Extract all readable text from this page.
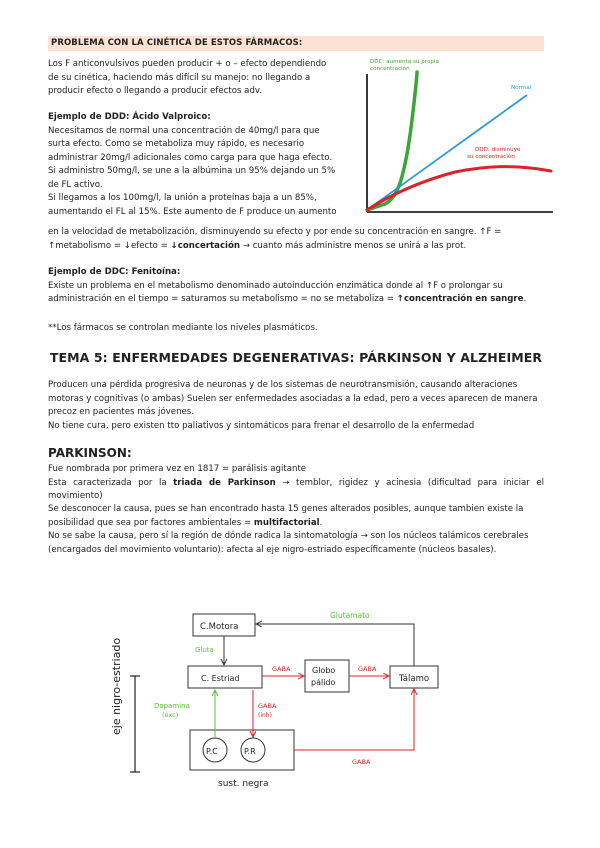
PROBLEMA CON LA CINÉTICA DE ESTOS FÁRMACOS:

Los F anticonvulsivos pueden producir + o – efecto dependiendo

de su cinética, haciendo más difícil su manejo: no llegando a

producir efecto o llegando a producir efectos adv.

Ejemplo de DDD: Ácido Valproico:

Necesitamos de normal una concentración de 40mg/l para que

surta efecto. Como se metaboliza muy rápido, es necesario

administrar 20mg/l adicionales como carga para que haga efecto.

Si administro 50mg/l, se une a la albúmina un 95% dejando un 5%

de FL activo.

Si llegamos a los 100mg/l, la unión a proteínas baja a un 85%,

aumentando el FL al 15%. Este aumento de F produce un aumento

en la velocidad de metabolización, disminuyendo su efecto y por ende su concentración en sangre. ↑F =

↑metabolismo = ↓efecto = ↓concertación → cuanto más administre menos se unirá a las prot.

Ejemplo de DDC: Fenitoína:

Existe un problema en el metabolismo denominado autoinducción enzimática donde al ↑F o prolongar su

administración en el tiempo = saturamos su metabolismo = no se metaboliza = ↑concentración en sangre.

**Los fármacos se controlan mediante los niveles plasmáticos.

DDC: aumenta su propia
concentración
Normal
DDD: disminuye
su concentración
TEMA 5: ENFERMEDADES DEGENERATIVAS: PÁRKINSON Y ALZHEIMER

Producen una pérdida progresiva de neuronas y de los sistemas de neurotransmisión, causando alteraciones

motoras y cognitivas (o ambas) Suelen ser enfermedades asociadas a la edad, pero a veces aparecen de manera

precoz en pacientes más jóvenes.

No tiene cura, pero existen tto paliativos y sintomáticos para frenar el desarrollo de la enfermedad

PARKINSON:

Fue nombrada por primera vez en 1817 = parálisis agitante

Esta caracterizada por la triada de Parkinson → temblor, rigidez y acinesia (dificultad para iniciar el movimiento)

Se desconocer la causa, pues se han encontrado hasta 15 genes alterados posibles, aunque tambien existe la

posibilidad que sea por factores ambientales = multifactorial.

No se sabe la causa, pero sí la región de dónde radica la sintomatología → son los núcleos talámicos cerebrales

(encargados del movimiento voluntario): afecta al eje nigro-estriado específicamente (núcleos basales).

eje nigro-estriado
C.Motora
C. Estriad
Globo
pálido	Tálamo
P.C	P.R
sust. negra
Glutamato
Gluta
GABA	GABA
Dopamina
(exc)
GABA
(inh)
GABA
